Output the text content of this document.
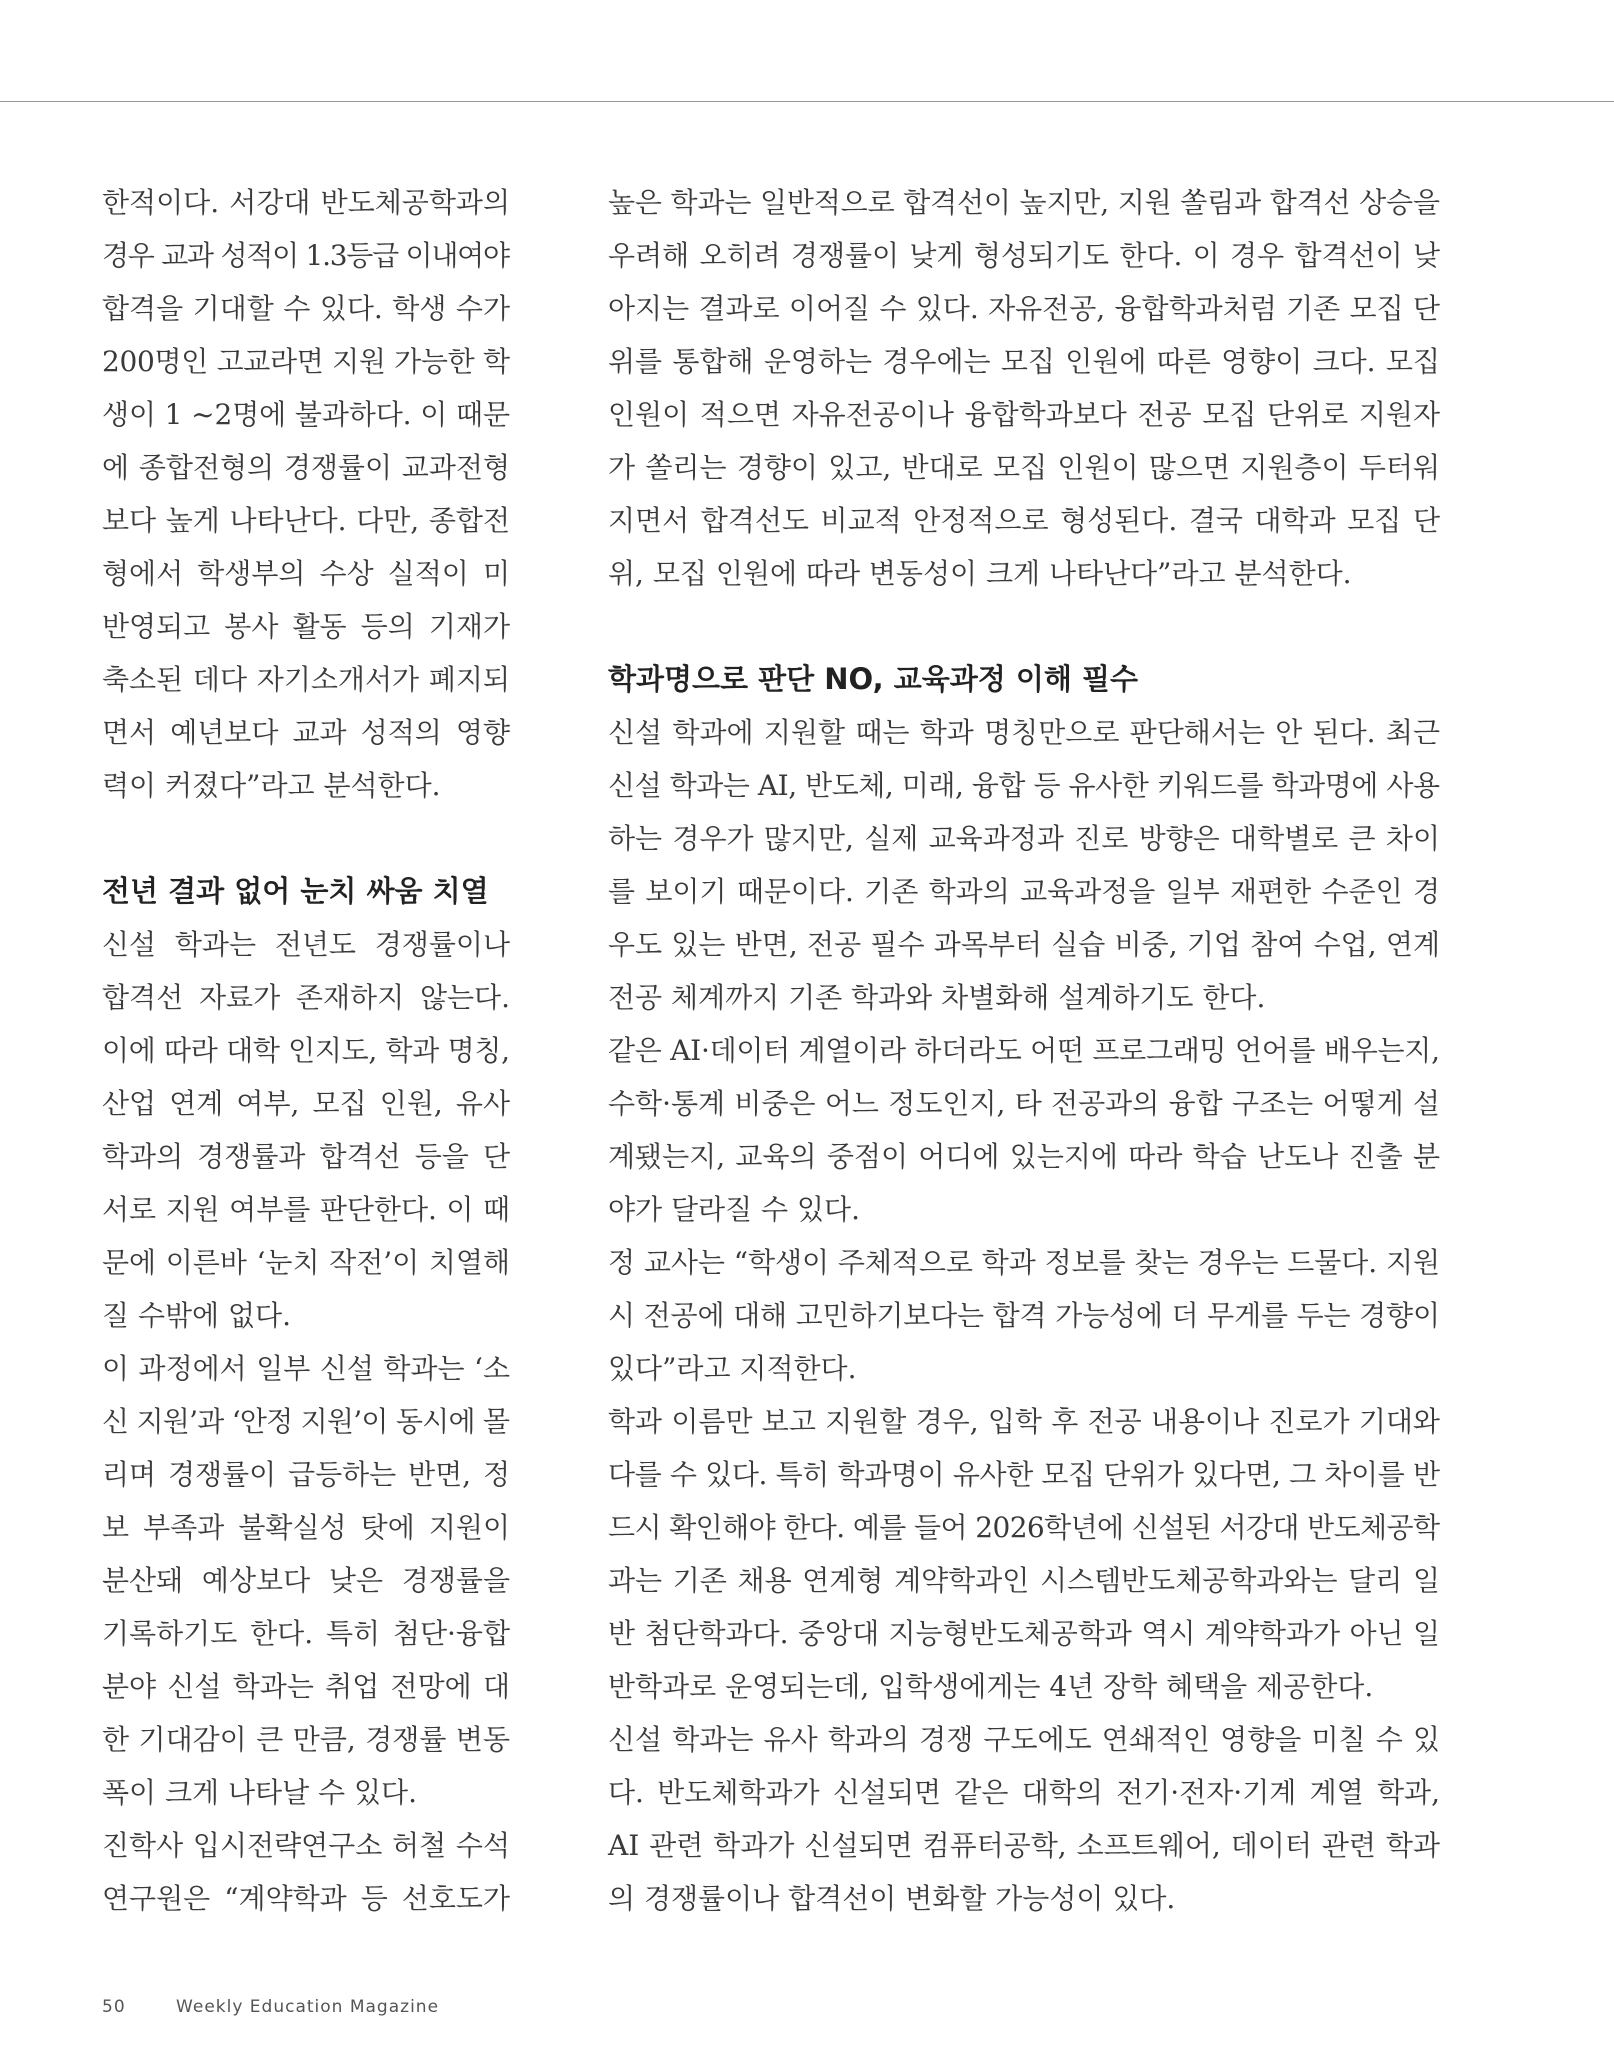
한적이다. 서강대 반도체공학과의
경우 교과 성적이 1.3등급 이내여야
합격을 기대할 수 있다. 학생 수가
200명인 고교라면 지원 가능한 학
생이 1 ~2명에 불과하다. 이 때문
에 종합전형의 경쟁률이 교과전형
보다 높게 나타난다. 다만, 종합전
형에서 학생부의 수상 실적이 미
반영되고 봉사 활동 등의 기재가
축소된 데다 자기소개서가 폐지되
면서 예년보다 교과 성적의 영향
력이 커졌다”라고 분석한다.
전년 결과 없어 눈치 싸움 치열
신설 학과는 전년도 경쟁률이나
합격선 자료가 존재하지 않는다.
이에 따라 대학 인지도, 학과 명칭,
산업 연계 여부, 모집 인원, 유사
학과의 경쟁률과 합격선 등을 단
서로 지원 여부를 판단한다. 이 때
문에 이른바 ‘눈치 작전’이 치열해
질 수밖에 없다.
이 과정에서 일부 신설 학과는 ‘소
신 지원’과 ‘안정 지원’이 동시에 몰
리며 경쟁률이 급등하는 반면, 정
보 부족과 불확실성 탓에 지원이
분산돼 예상보다 낮은 경쟁률을
기록하기도 한다. 특히 첨단·융합
분야 신설 학과는 취업 전망에 대
한 기대감이 큰 만큼, 경쟁률 변동
폭이 크게 나타날 수 있다.
진학사 입시전략연구소 허철 수석
연구원은 “계약학과 등 선호도가
높은 학과는 일반적으로 합격선이 높지만, 지원 쏠림과 합격선 상승을
우려해 오히려 경쟁률이 낮게 형성되기도 한다. 이 경우 합격선이 낮
아지는 결과로 이어질 수 있다. 자유전공, 융합학과처럼 기존 모집 단
위를 통합해 운영하는 경우에는 모집 인원에 따른 영향이 크다. 모집
인원이 적으면 자유전공이나 융합학과보다 전공 모집 단위로 지원자
가 쏠리는 경향이 있고, 반대로 모집 인원이 많으면 지원층이 두터워
지면서 합격선도 비교적 안정적으로 형성된다. 결국 대학과 모집 단
위, 모집 인원에 따라 변동성이 크게 나타난다”라고 분석한다.
학과명으로 판단 NO, 교육과정 이해 필수
신설 학과에 지원할 때는 학과 명칭만으로 판단해서는 안 된다. 최근
신설 학과는 AI, 반도체, 미래, 융합 등 유사한 키워드를 학과명에 사용
하는 경우가 많지만, 실제 교육과정과 진로 방향은 대학별로 큰 차이
를 보이기 때문이다. 기존 학과의 교육과정을 일부 재편한 수준인 경
우도 있는 반면, 전공 필수 과목부터 실습 비중, 기업 참여 수업, 연계
전공 체계까지 기존 학과와 차별화해 설계하기도 한다.
같은 AI·데이터 계열이라 하더라도 어떤 프로그래밍 언어를 배우는지,
수학·통계 비중은 어느 정도인지, 타 전공과의 융합 구조는 어떻게 설
계됐는지, 교육의 중점이 어디에 있는지에 따라 학습 난도나 진출 분
야가 달라질 수 있다.
정 교사는 “학생이 주체적으로 학과 정보를 찾는 경우는 드물다. 지원
시 전공에 대해 고민하기보다는 합격 가능성에 더 무게를 두는 경향이
있다”라고 지적한다.
학과 이름만 보고 지원할 경우, 입학 후 전공 내용이나 진로가 기대와
다를 수 있다. 특히 학과명이 유사한 모집 단위가 있다면, 그 차이를 반
드시 확인해야 한다. 예를 들어 2026학년에 신설된 서강대 반도체공학
과는 기존 채용 연계형 계약학과인 시스템반도체공학과와는 달리 일
반 첨단학과다. 중앙대 지능형반도체공학과 역시 계약학과가 아닌 일
반학과로 운영되는데, 입학생에게는 4년 장학 혜택을 제공한다.
신설 학과는 유사 학과의 경쟁 구도에도 연쇄적인 영향을 미칠 수 있
다. 반도체학과가 신설되면 같은 대학의 전기·전자·기계 계열 학과,
AI 관련 학과가 신설되면 컴퓨터공학, 소프트웨어, 데이터 관련 학과
의 경쟁률이나 합격선이 변화할 가능성이 있다.
50	Weekly Education Magazine
